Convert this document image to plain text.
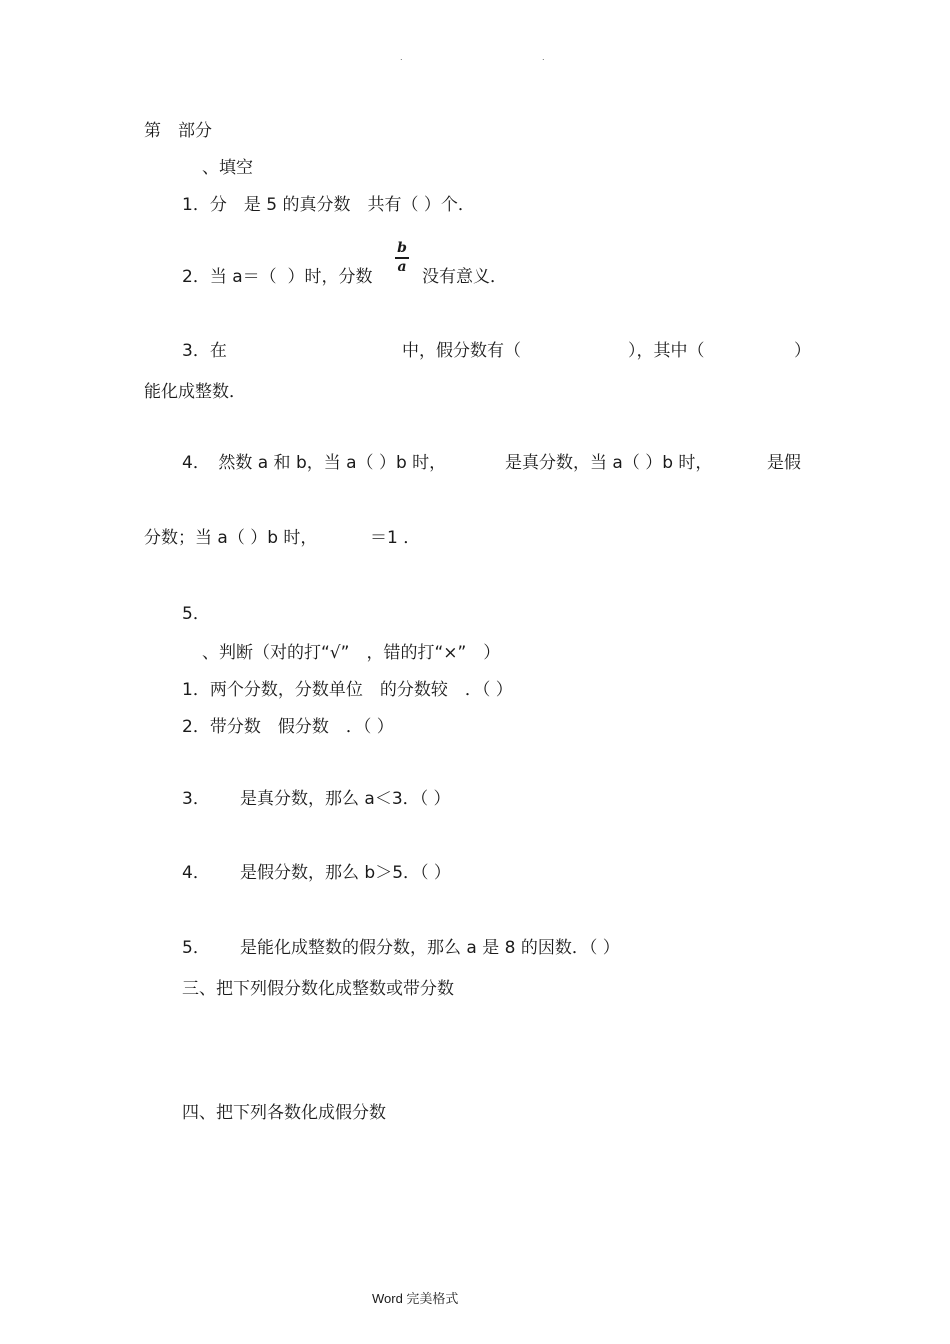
.	.
第　部分
、填空
1．分　是 5 的真分数　共有（ ）个．
2．当 a＝（  ）时，分数
b
a
没有意义．
3．在	中，假分数有（	），其中（	）
能化成整数．
4．　然数 a 和 b，当 a（ ）b 时，	是真分数，当 a（ ）b 时，	是假
分数；当 a（ ）b 时，	＝1 ．
5．
、判断（对的打“√”　，错的打“×”　）
1．两个分数，分数单位　的分数较　．（ ）
2．带分数　假分数　．（ ）
3． 是真分数，那么 a＜3．（ ）
4． 是假分数，那么 b＞5．（ ）
5． 是能化成整数的假分数，那么 a 是 8 的因数．（ ）
三、把下列假分数化成整数或带分数
四、把下列各数化成假分数
Word 完美格式
